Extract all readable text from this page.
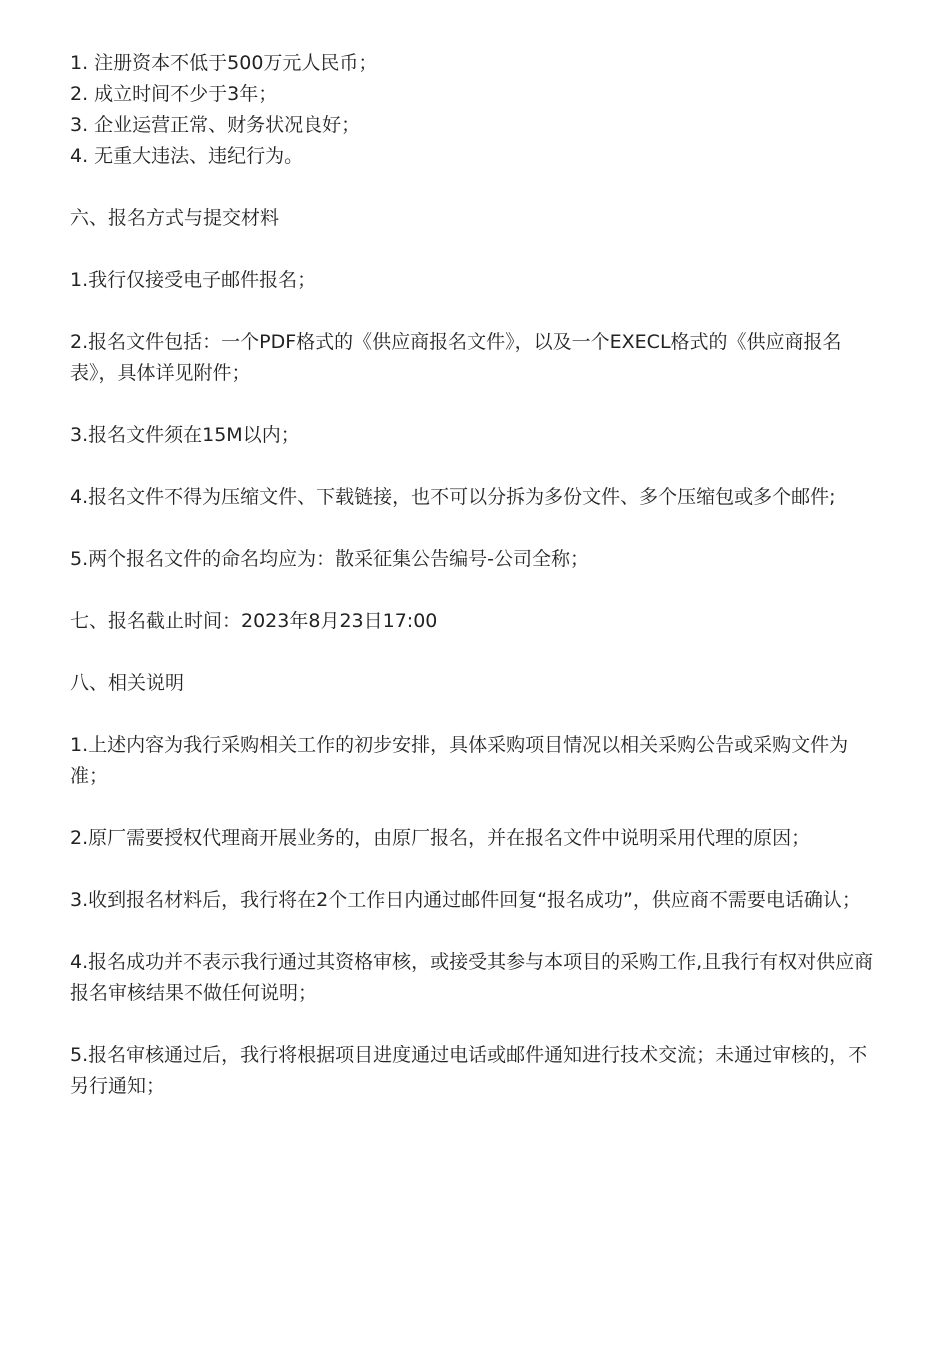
1. 注册资本不低于500万元人民币；

2. 成立时间不少于3年；

3. 企业运营正常、财务状况良好；

4. 无重大违法、违纪行为。

六、报名方式与提交材料

1.我行仅接受电子邮件报名；

2.报名文件包括：一个PDF格式的《供应商报名文件》，以及一个EXECL格式的《供应商报名表》，具体详见附件；

3.报名文件须在15M以内；

4.报名文件不得为压缩文件、下载链接，也不可以分拆为多份文件、多个压缩包或多个邮件;

5.两个报名文件的命名均应为：散采征集公告编号-公司全称；

七、报名截止时间：2023年8月23日17:00

八、相关说明

1.上述内容为我行采购相关工作的初步安排，具体采购项目情况以相关采购公告或采购文件为准；

2.原厂需要授权代理商开展业务的，由原厂报名，并在报名文件中说明采用代理的原因；

3.收到报名材料后，我行将在2个工作日内通过邮件回复“报名成功”，供应商不需要电话确认；

4.报名成功并不表示我行通过其资格审核，或接受其参与本项目的采购工作,且我行有权对供应商报名审核结果不做任何说明；

5.报名审核通过后，我行将根据项目进度通过电话或邮件通知进行技术交流；未通过审核的，不另行通知；
